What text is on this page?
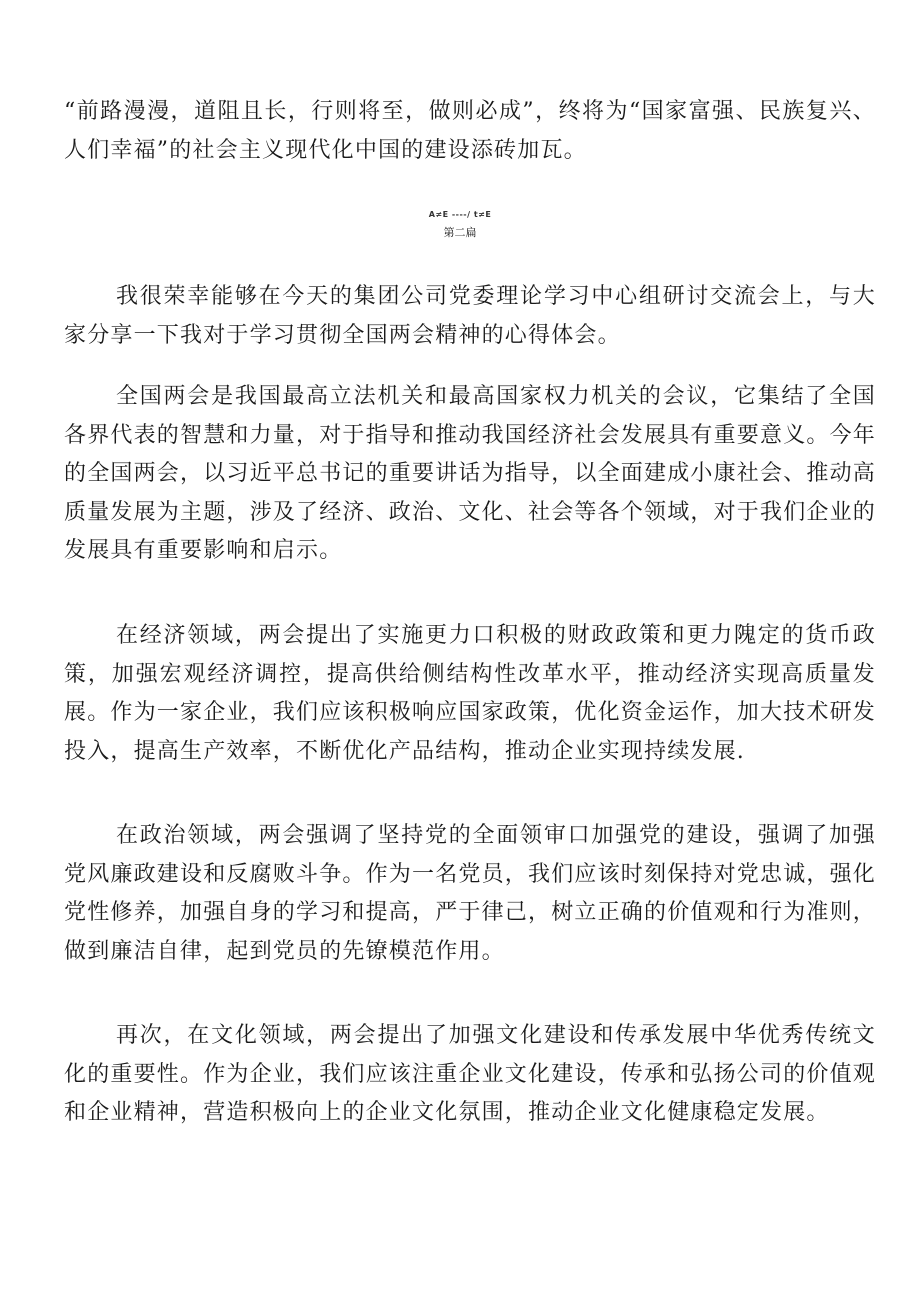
“前路漫漫，道阻且长，行则将至，做则必成”，终将为“国家富强、民族复兴、人们幸福”的社会主义现代化中国的建设添砖加瓦。

A≠E ----∕ t≠E
第二扁

我很荣幸能够在今天的集团公司党委理论学习中心组研讨交流会上，与大家分享一下我对于学习贯彻全国两会精神的心得体会。

全国两会是我国最高立法机关和最高国家权力机关的会议，它集结了全国各界代表的智慧和力量，对于指导和推动我国经济社会发展具有重要意义。今年的全国两会，以习近平总书记的重要讲话为指导，以全面建成小康社会、推动高质量发展为主题，涉及了经济、政治、文化、社会等各个领域，对于我们企业的发展具有重要影响和启示。

在经济领域，两会提出了实施更力口积极的财政政策和更力隗定的货币政策，加强宏观经济调控，提高供给侧结构性改革水平，推动经济实现高质量发展。作为一家企业，我们应该积极响应国家政策，优化资金运作，加大技术研发投入，提高生产效率，不断优化产品结构，推动企业实现持续发展.

在政治领域，两会强调了坚持党的全面领审口加强党的建设，强调了加强党风廉政建设和反腐败斗争。作为一名党员，我们应该时刻保持对党忠诚，强化党性修养，加强自身的学习和提高，严于律己，树立正确的价值观和行为准则，做到廉洁自律，起到党员的先镣模范作用。

再次，在文化领域，两会提出了加强文化建设和传承发展中华优秀传统文化的重要性。作为企业，我们应该注重企业文化建设，传承和弘扬公司的价值观和企业精神，营造积极向上的企业文化氛围，推动企业文化健康稳定发展。
